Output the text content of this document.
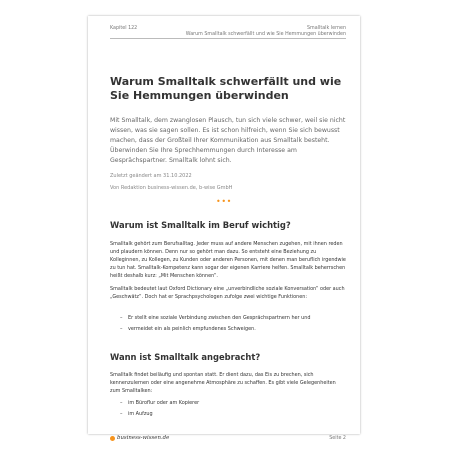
Kapitel 122	Smalltalk lernen
Warum Smalltalk schwerfällt und wie Sie Hemmungen überwinden
Warum Smalltalk schwerfällt und wie Sie Hemmungen überwinden

Mit Smalltalk, dem zwanglosen Plausch, tun sich viele schwer, weil sie nicht wissen, was sie sagen sollen. Es ist schon hilfreich, wenn Sie sich bewusst machen, dass der Großteil Ihrer Kommunikation aus Smalltalk besteht. Überwinden Sie Ihre Sprechhemmungen durch Interesse am Gesprächspartner. Smalltalk lohnt sich.

Zuletzt geändert am 31.10.2022

Von Redaktion business-wissen.de, b-wise GmbH

•••
Warum ist Smalltalk im Beruf wichtig?

Smalltalk gehört zum Berufsalltag. Jeder muss auf andere Menschen zugehen, mit ihnen reden und plaudern können. Denn nur so gehört man dazu. So entsteht eine Beziehung zu Kolleginnen, zu Kollegen, zu Kunden oder anderen Personen, mit denen man beruflich irgendwie zu tun hat. Smalltalk-Kompetenz kann sogar der eigenen Karriere helfen. Smalltalk beherrschen heißt deshalb kurz: „Mit Menschen können“.

Smalltalk bedeutet laut Oxford Dictionary eine „unverbindliche soziale Konversation“ oder auch „Geschwätz“. Doch hat er Sprachpsychologen zufolge zwei wichtige Funktionen:

– Er stellt eine soziale Verbindung zwischen den Gesprächspartnern her und

– vermeidet ein als peinlich empfundenes Schweigen.

Wann ist Smalltalk angebracht?

Smalltalk findet beiläufig und spontan statt. Er dient dazu, das Eis zu brechen, sich kennenzulernen oder eine angenehme Atmosphäre zu schaffen. Es gibt viele Gelegenheiten zum Smalltalken:

– im Büroflur oder am Kopierer

– im Aufzug

business-wissen.de	Seite 2
